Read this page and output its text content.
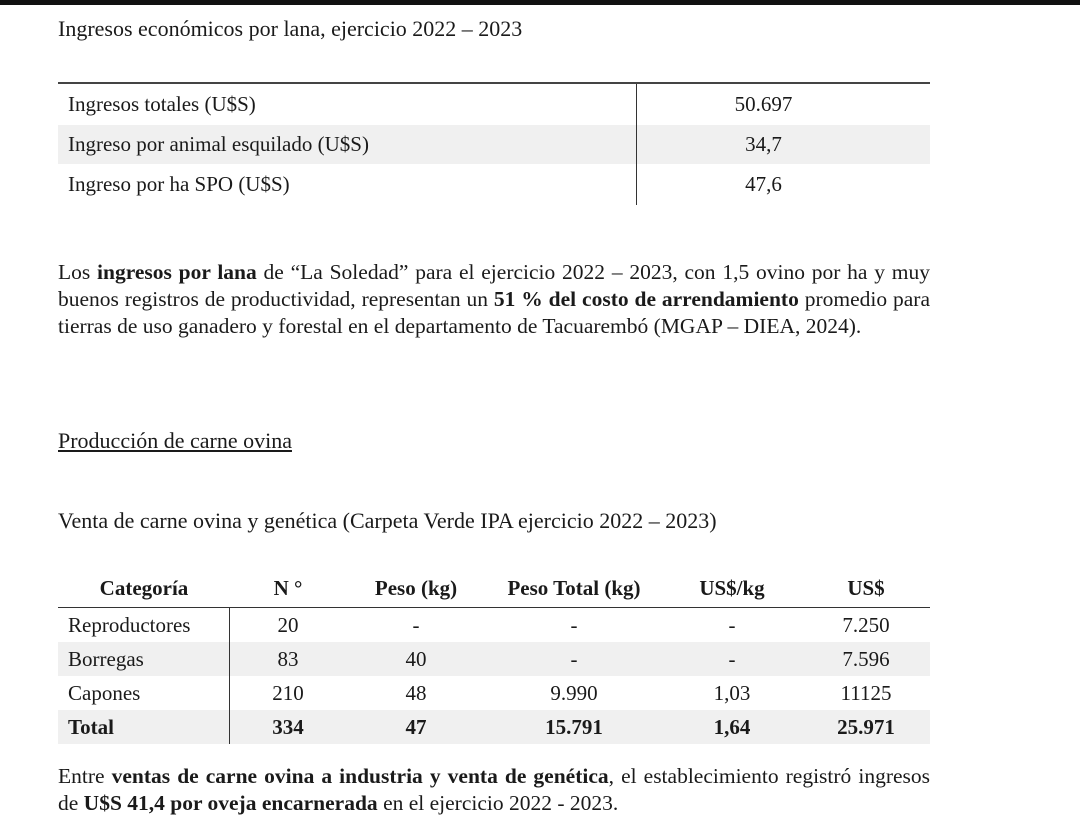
Ingresos económicos por lana, ejercicio 2022 – 2023
Ingresos totales (U$S)	50.697
Ingreso por animal esquilado (U$S)	34,7
Ingreso por ha SPO (U$S)	47,6
Los ingresos por lana de “La Soledad” para el ejercicio 2022 – 2023, con 1,5 ovino por ha y muy buenos registros de productividad, representan un 51 % del costo de arrendamiento promedio para tierras de uso ganadero y forestal en el departamento de Tacuarembó (MGAP – DIEA, 2024).
Producción de carne ovina
Venta de carne ovina y genética (Carpeta Verde IPA ejercicio 2022 – 2023)
Categoría	N °	Peso (kg)	Peso Total (kg)	US$/kg	US$
Reproductores	20	-	-	-	7.250
Borregas	83	40	-	-	7.596
Capones	210	48	9.990	1,03	11125
Total	334	47	15.791	1,64	25.971
Entre ventas de carne ovina a industria y venta de genética, el establecimiento registró ingresos de U$S 41,4 por oveja encarnerada en el ejercicio 2022 - 2023.
